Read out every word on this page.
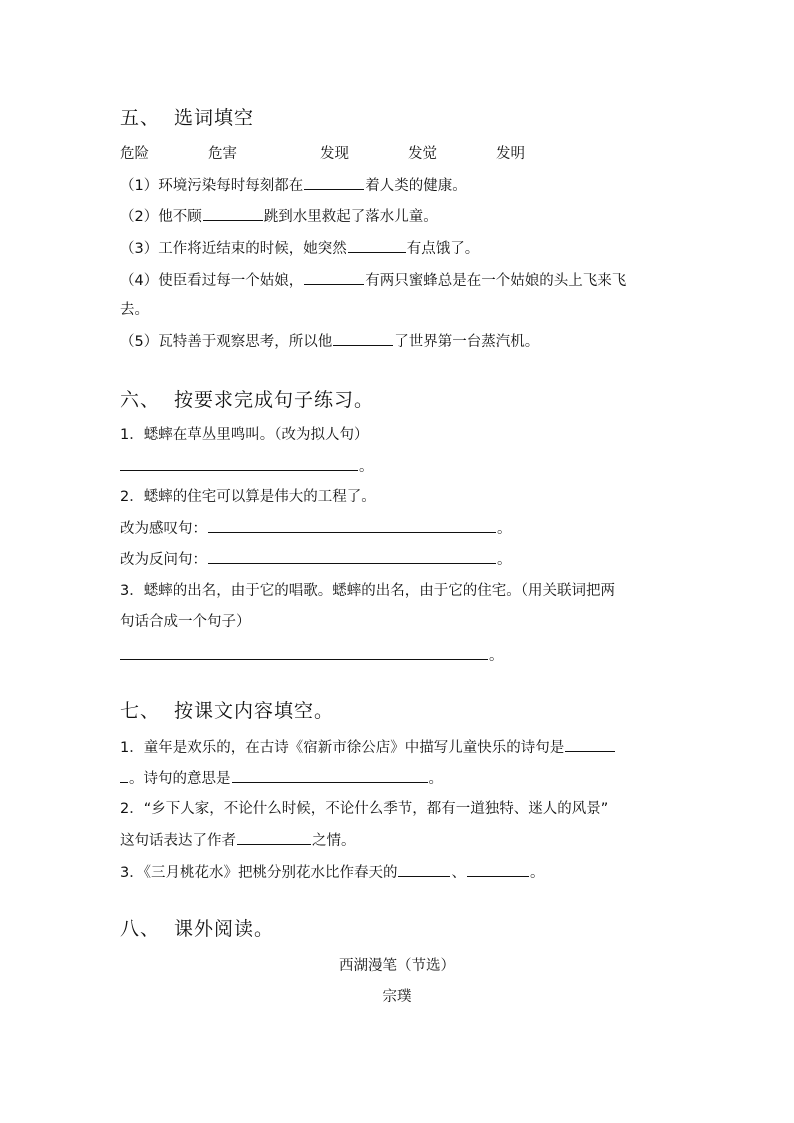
五、 选词填空
危险	危害	发现	发觉	发明
（1）环境污染每时每刻都在	着人类的健康。
（2）他不顾	跳到水里救起了落水儿童。
（3）工作将近结束的时候，她突然	有点饿了。
（4）使臣看过每一个姑娘，	有两只蜜蜂总是在一个姑娘的头上飞来飞
去。
（5）瓦特善于观察思考，所以他	了世界第一台蒸汽机。
六、 按要求完成句子练习。
1．蟋蟀在草丛里鸣叫。（改为拟人句）
。
2．蟋蟀的住宅可以算是伟大的工程了。
改为感叹句：	。
改为反问句：	。
3．蟋蟀的出名，由于它的唱歌。蟋蟀的出名，由于它的住宅。（用关联词把两
句话合成一个句子）
。
七、 按课文内容填空。
1．童年是欢乐的，在古诗《宿新市徐公店》中描写儿童快乐的诗句是
。诗句的意思是	。
2．“乡下人家，不论什么时候，不论什么季节，都有一道独特、迷人的风景”
这句话表达了作者	之情。
3．《三月桃花水》把桃分别花水比作春天的	、	。
八、 课外阅读。
西湖漫笔（节选）
宗璞
